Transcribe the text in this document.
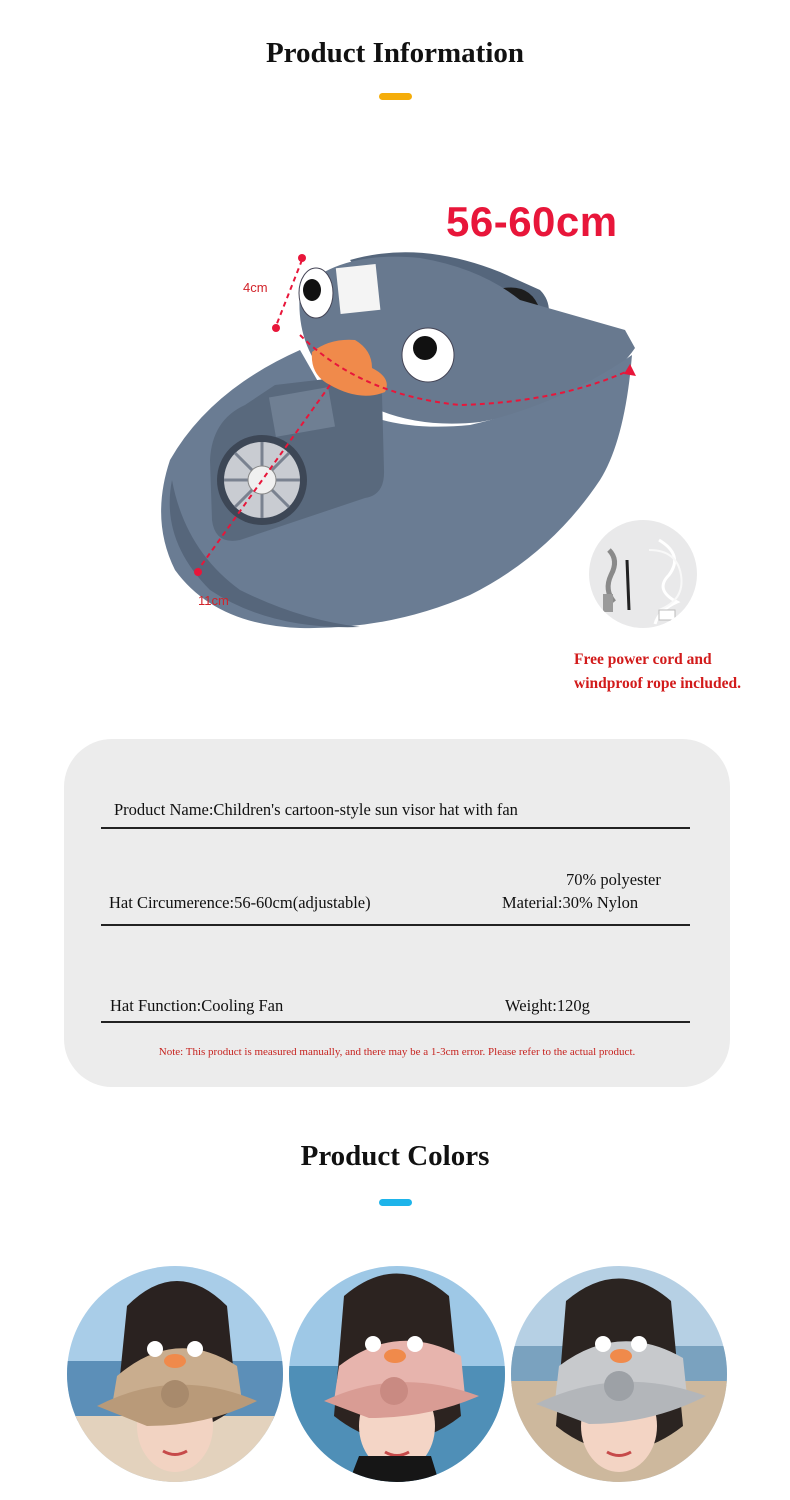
Product Information
56-60cm
4cm
11cm
Free power cord and
windproof rope included.
Product Name:Children's cartoon-style sun visor hat with fan
70% polyester
Hat Circumerence:56-60cm(adjustable)	Material:30% Nylon
Hat Function:Cooling Fan	Weight:120g
Note: This product is measured manually, and there may be a 1-3cm error. Please refer to the actual product.
Product Colors
